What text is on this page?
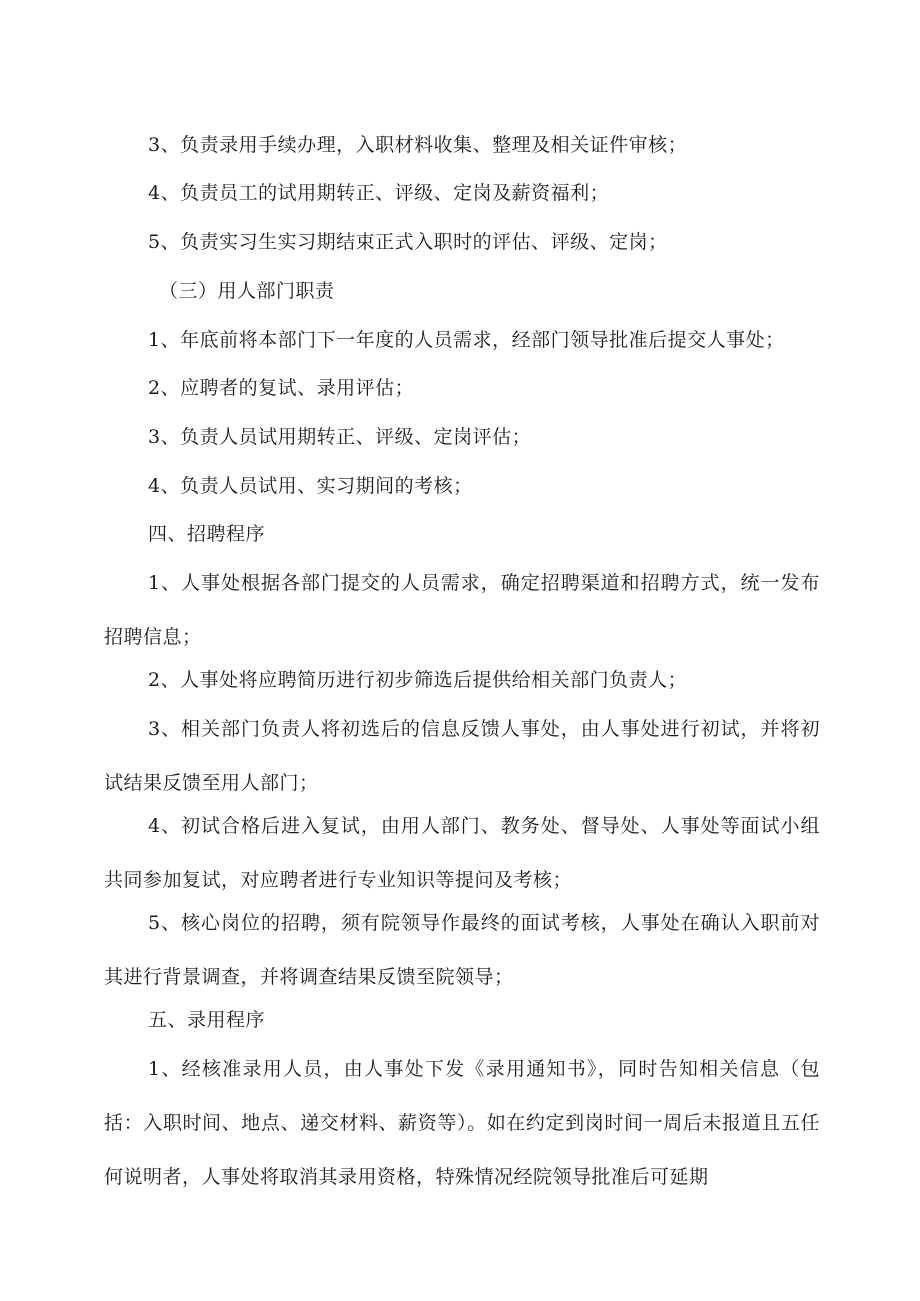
3、负责录用手续办理，入职材料收集、整理及相关证件审核；

4、负责员工的试用期转正、评级、定岗及薪资福利；

5、负责实习生实习期结束正式入职时的评估、评级、定岗；

（三）用人部门职责

1、年底前将本部门下一年度的人员需求，经部门领导批准后提交人事处；

2、应聘者的复试、录用评估；

3、负责人员试用期转正、评级、定岗评估；

4、负责人员试用、实习期间的考核；

四、招聘程序

1、人事处根据各部门提交的人员需求，确定招聘渠道和招聘方式，统一发布招聘信息；

2、人事处将应聘简历进行初步筛选后提供给相关部门负责人；

3、相关部门负责人将初选后的信息反馈人事处，由人事处进行初试，并将初试结果反馈至用人部门；

4、初试合格后进入复试，由用人部门、教务处、督导处、人事处等面试小组共同参加复试，对应聘者进行专业知识等提问及考核；

5、核心岗位的招聘，须有院领导作最终的面试考核，人事处在确认入职前对其进行背景调查，并将调查结果反馈至院领导；

五、录用程序

1、经核准录用人员，由人事处下发《录用通知书》，同时告知相关信息（包括：入职时间、地点、递交材料、薪资等）。如在约定到岗时间一周后未报道且五任何说明者，人事处将取消其录用资格，特殊情况经院领导批准后可延期
